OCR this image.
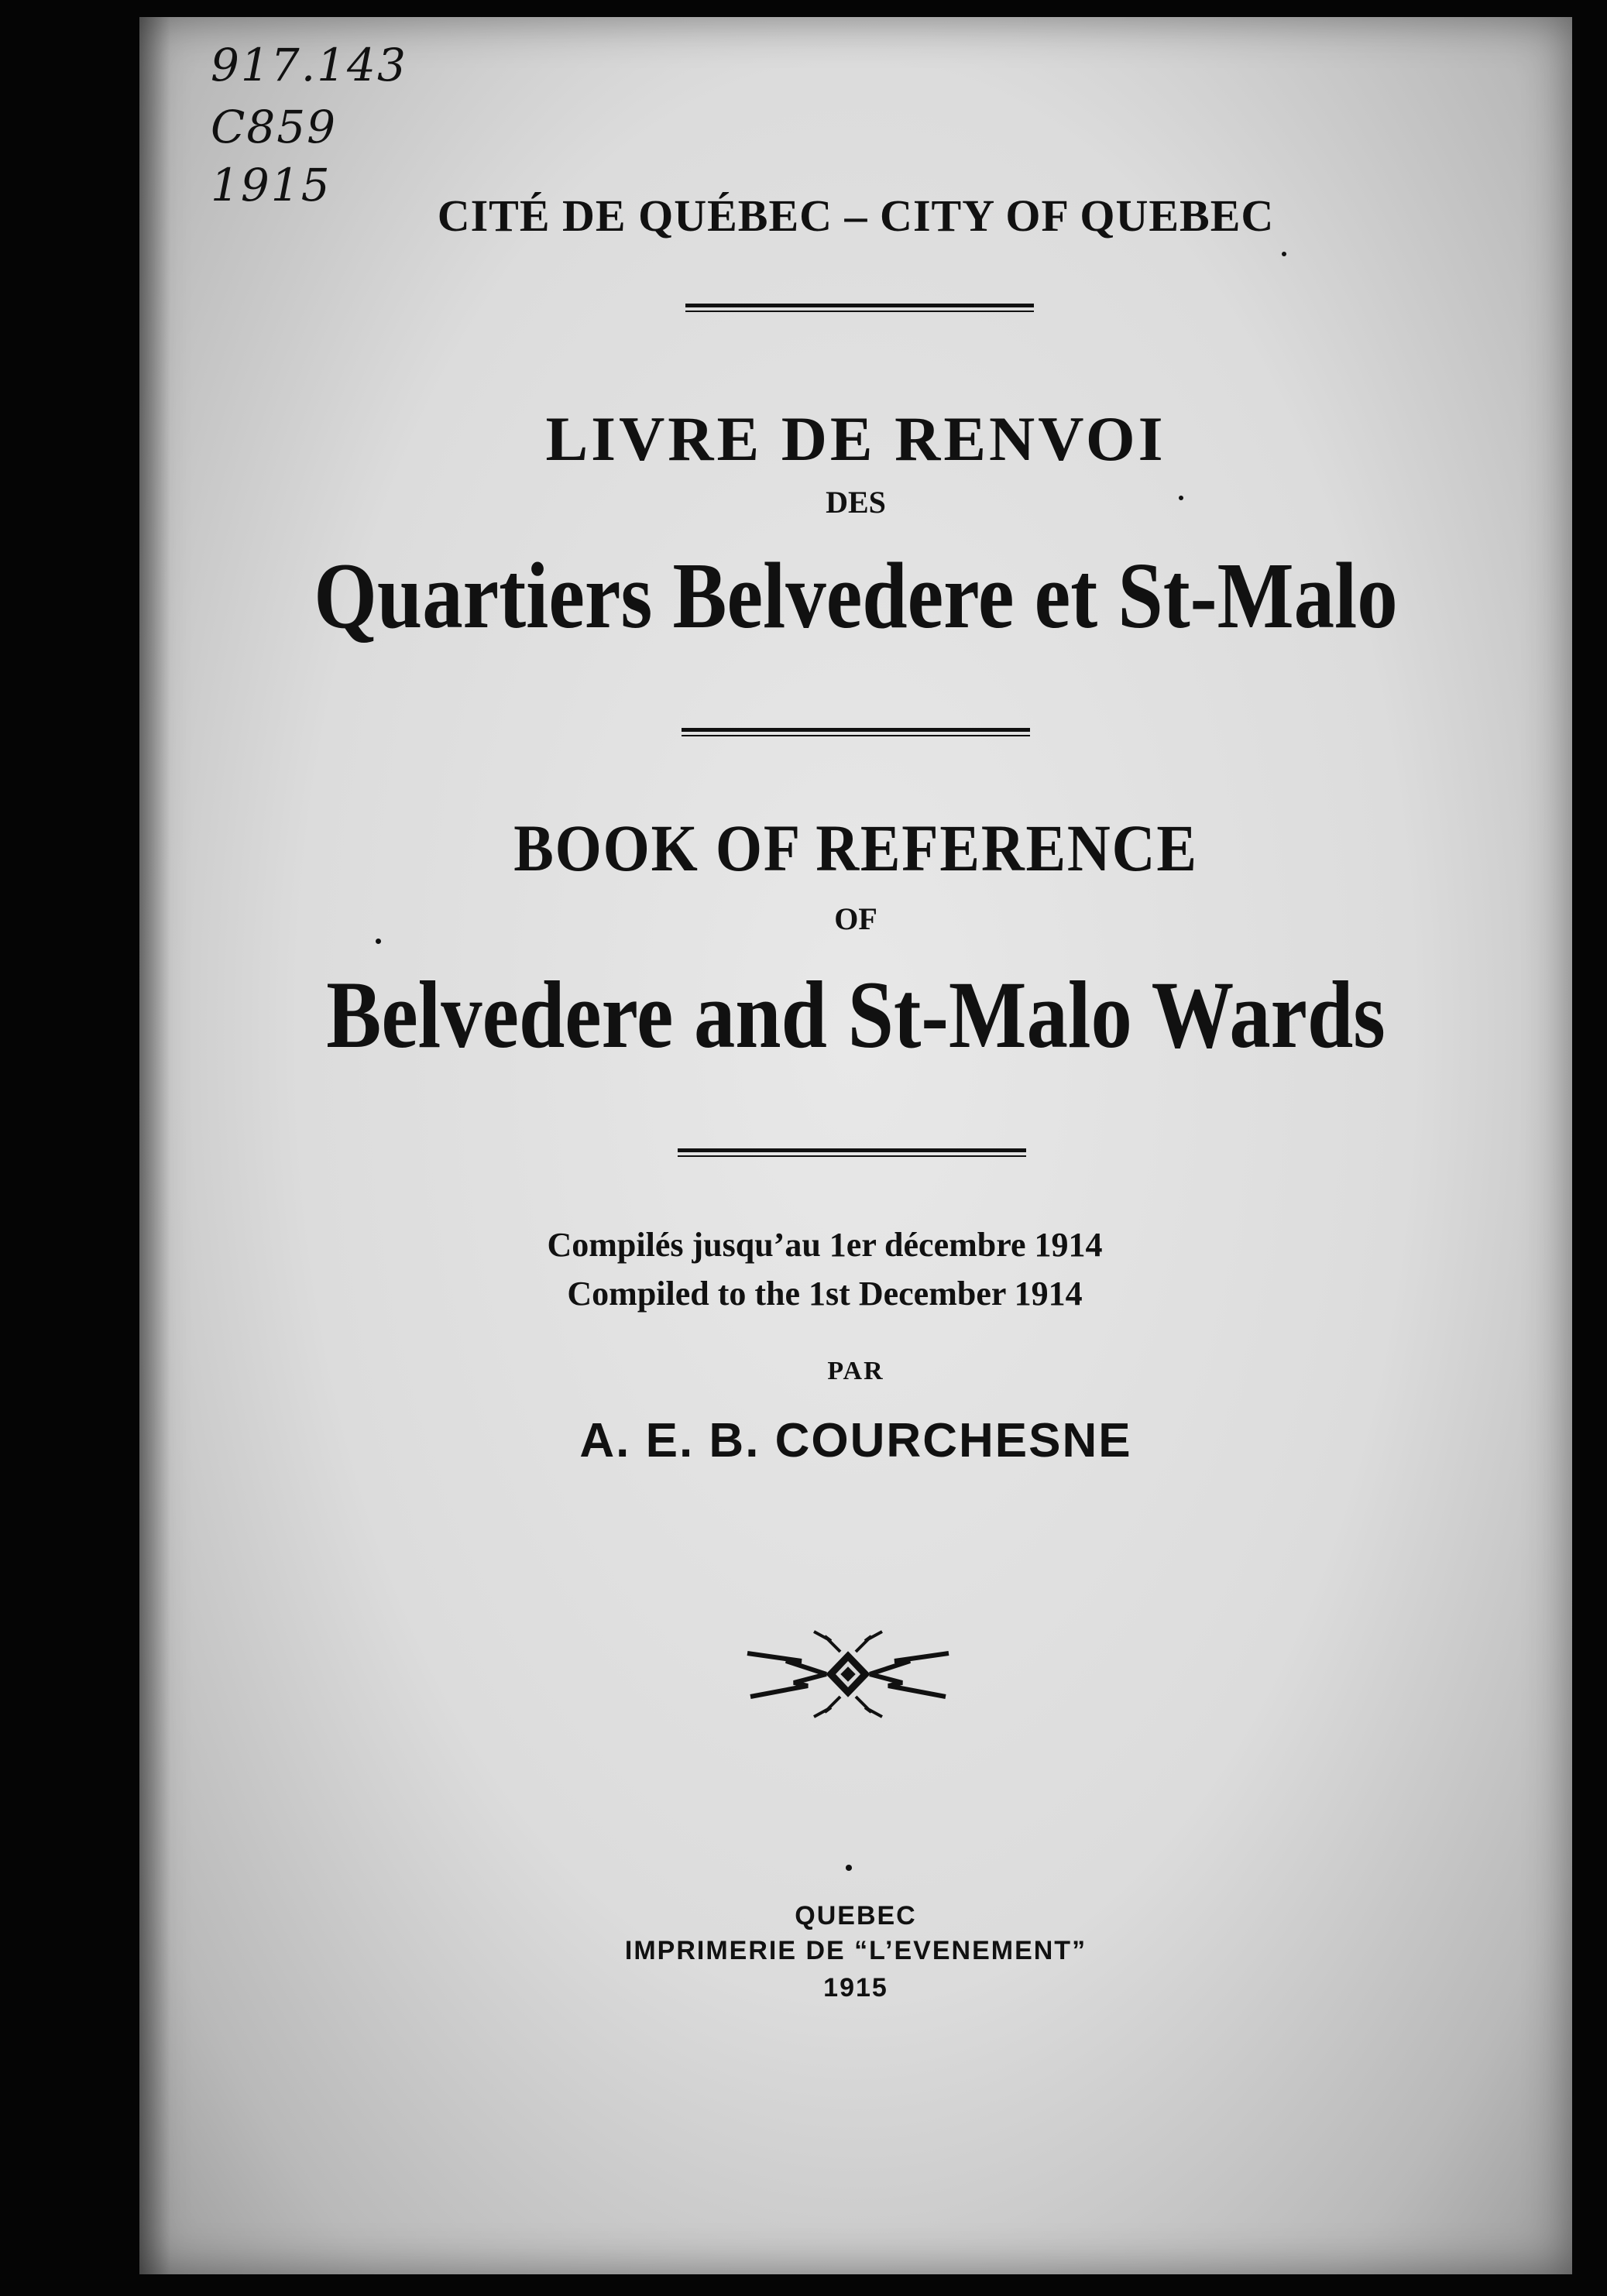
917.143
C859
1915
CITÉ DE QUÉBEC – CITY OF QUEBEC
LIVRE DE RENVOI
DES
Quartiers Belvedere et St-Malo
BOOK OF REFERENCE
OF
Belvedere and St-Malo Wards
Compilés jusqu’au 1er décembre 1914
Compiled to the 1st December 1914
PAR
A. E. B. COURCHESNE
QUEBEC
IMPRIMERIE DE “L’EVENEMENT”
1915
